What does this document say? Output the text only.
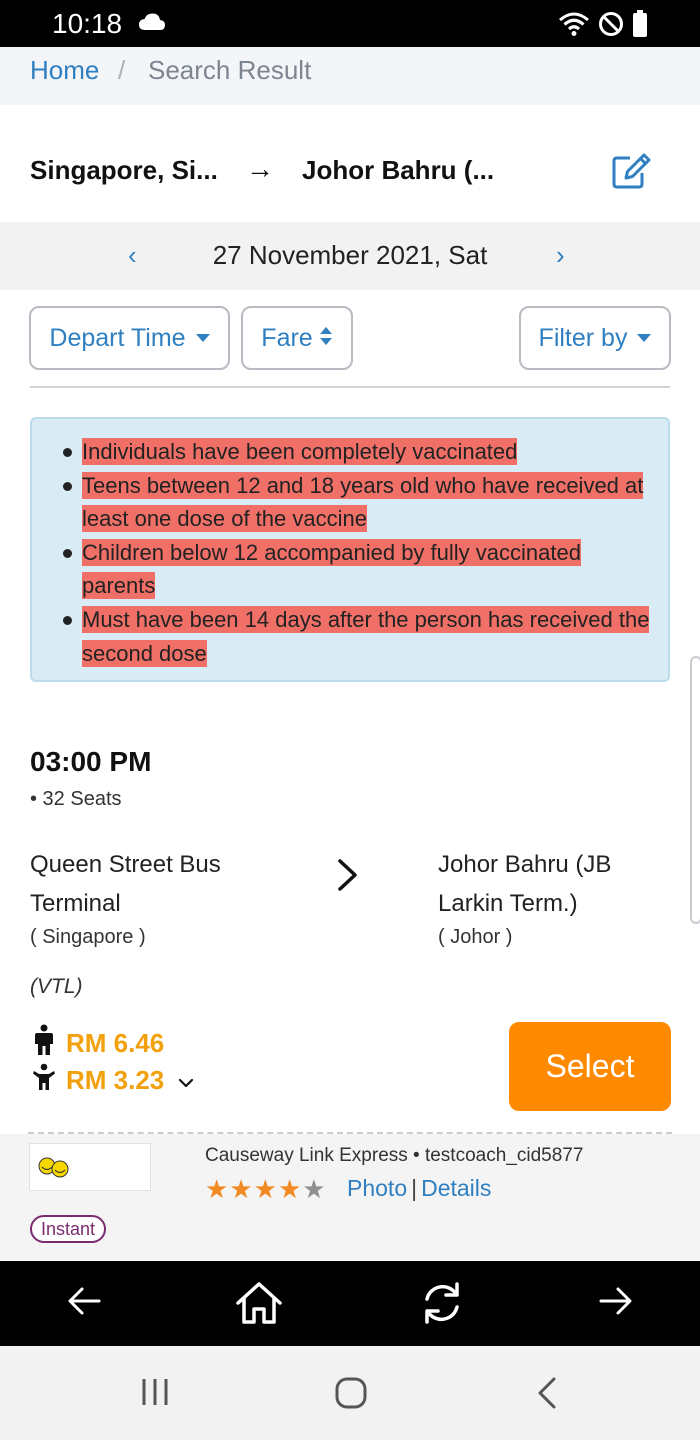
10:18
Home / Search Result
Singapore, Si... → Johor Bahru (...
27 November 2021, Sat
‹	›
Depart Time	Fare	Filter by
Individuals have been completely vaccinated
Teens between 12 and 18 years old who have received at least one dose of the vaccine
Children below 12 accompanied by fully vaccinated parents
Must have been 14 days after the person has received the second dose
03:00 PM
• 32 Seats
Queen Street Bus Terminal
( Singapore )
Johor Bahru (JB Larkin Term.)
( Johor )
(VTL)
RM 6.46
RM 3.23	Select
Causeway Link Express • testcoach_cid5877
★ ★ ★ ★ ★ Photo | Details
Instant
